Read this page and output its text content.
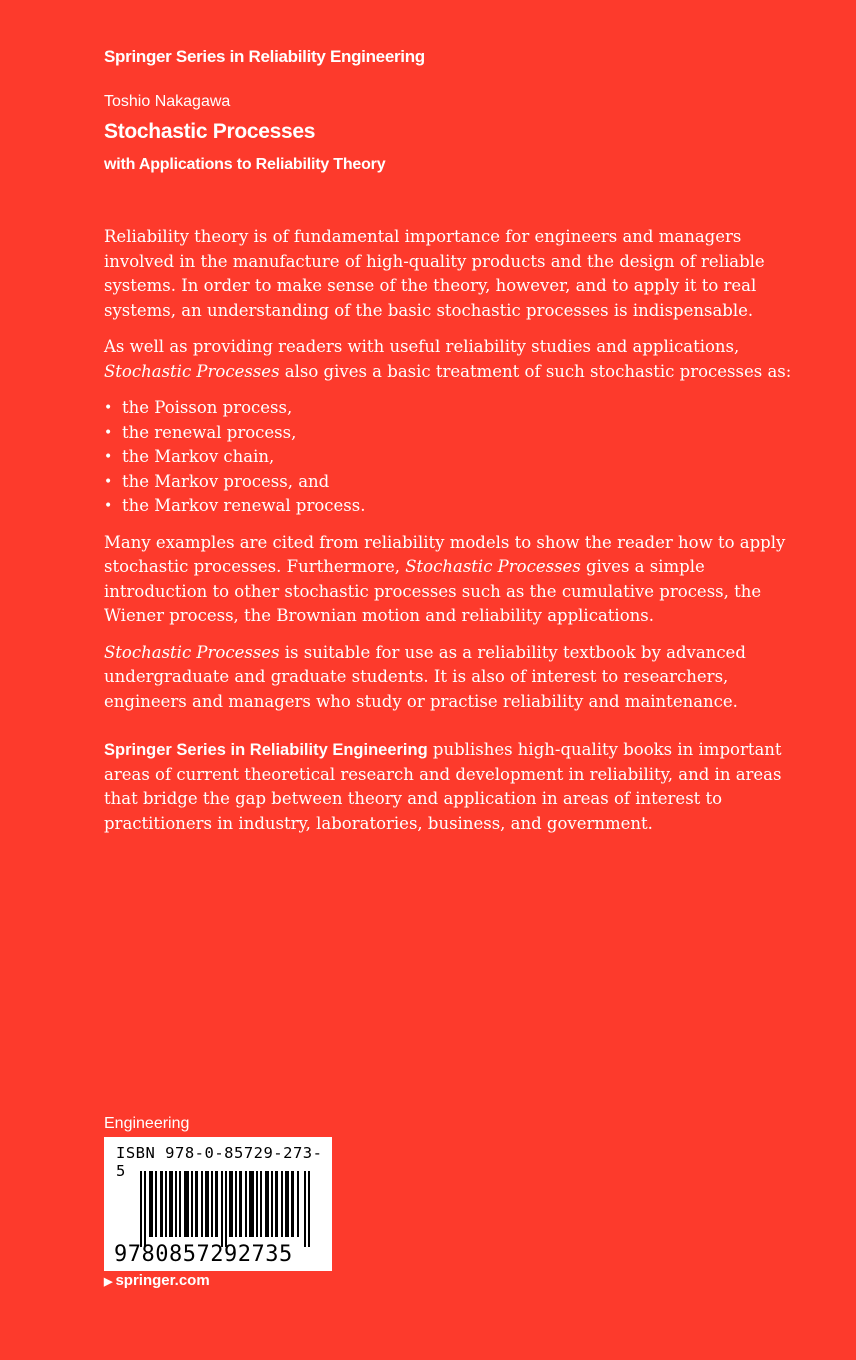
Springer Series in Reliability Engineering
Toshio Nakagawa
Stochastic Processes
with Applications to Reliability Theory

Reliability theory is of fundamental importance for engineers and managers involved in the manufacture of high-quality products and the design of reliable systems. In order to make sense of the theory, however, and to apply it to real systems, an understanding of the basic stochastic processes is indispensable.

As well as providing readers with useful reliability studies and applications, Stochastic Processes also gives a basic treatment of such stochastic processes as:

• the Poisson process,
• the renewal process,
• the Markov chain,
• the Markov process, and
• the Markov renewal process.

Many examples are cited from reliability models to show the reader how to apply stochastic processes. Furthermore, Stochastic Processes gives a simple introduction to other stochastic processes such as the cumulative process, the Wiener process, the Brownian motion and reliability applications.

Stochastic Processes is suitable for use as a reliability textbook by advanced undergraduate and graduate students. It is also of interest to researchers, engineers and managers who study or practise reliability and maintenance.

Springer Series in Reliability Engineering publishes high-quality books in important areas of current theoretical research and development in reliability, and in areas that bridge the gap between theory and application in areas of interest to practitioners in industry, laboratories, business, and government.

Engineering
ISBN 978-0-85729-273-5
9780857292735
▶ springer.com
